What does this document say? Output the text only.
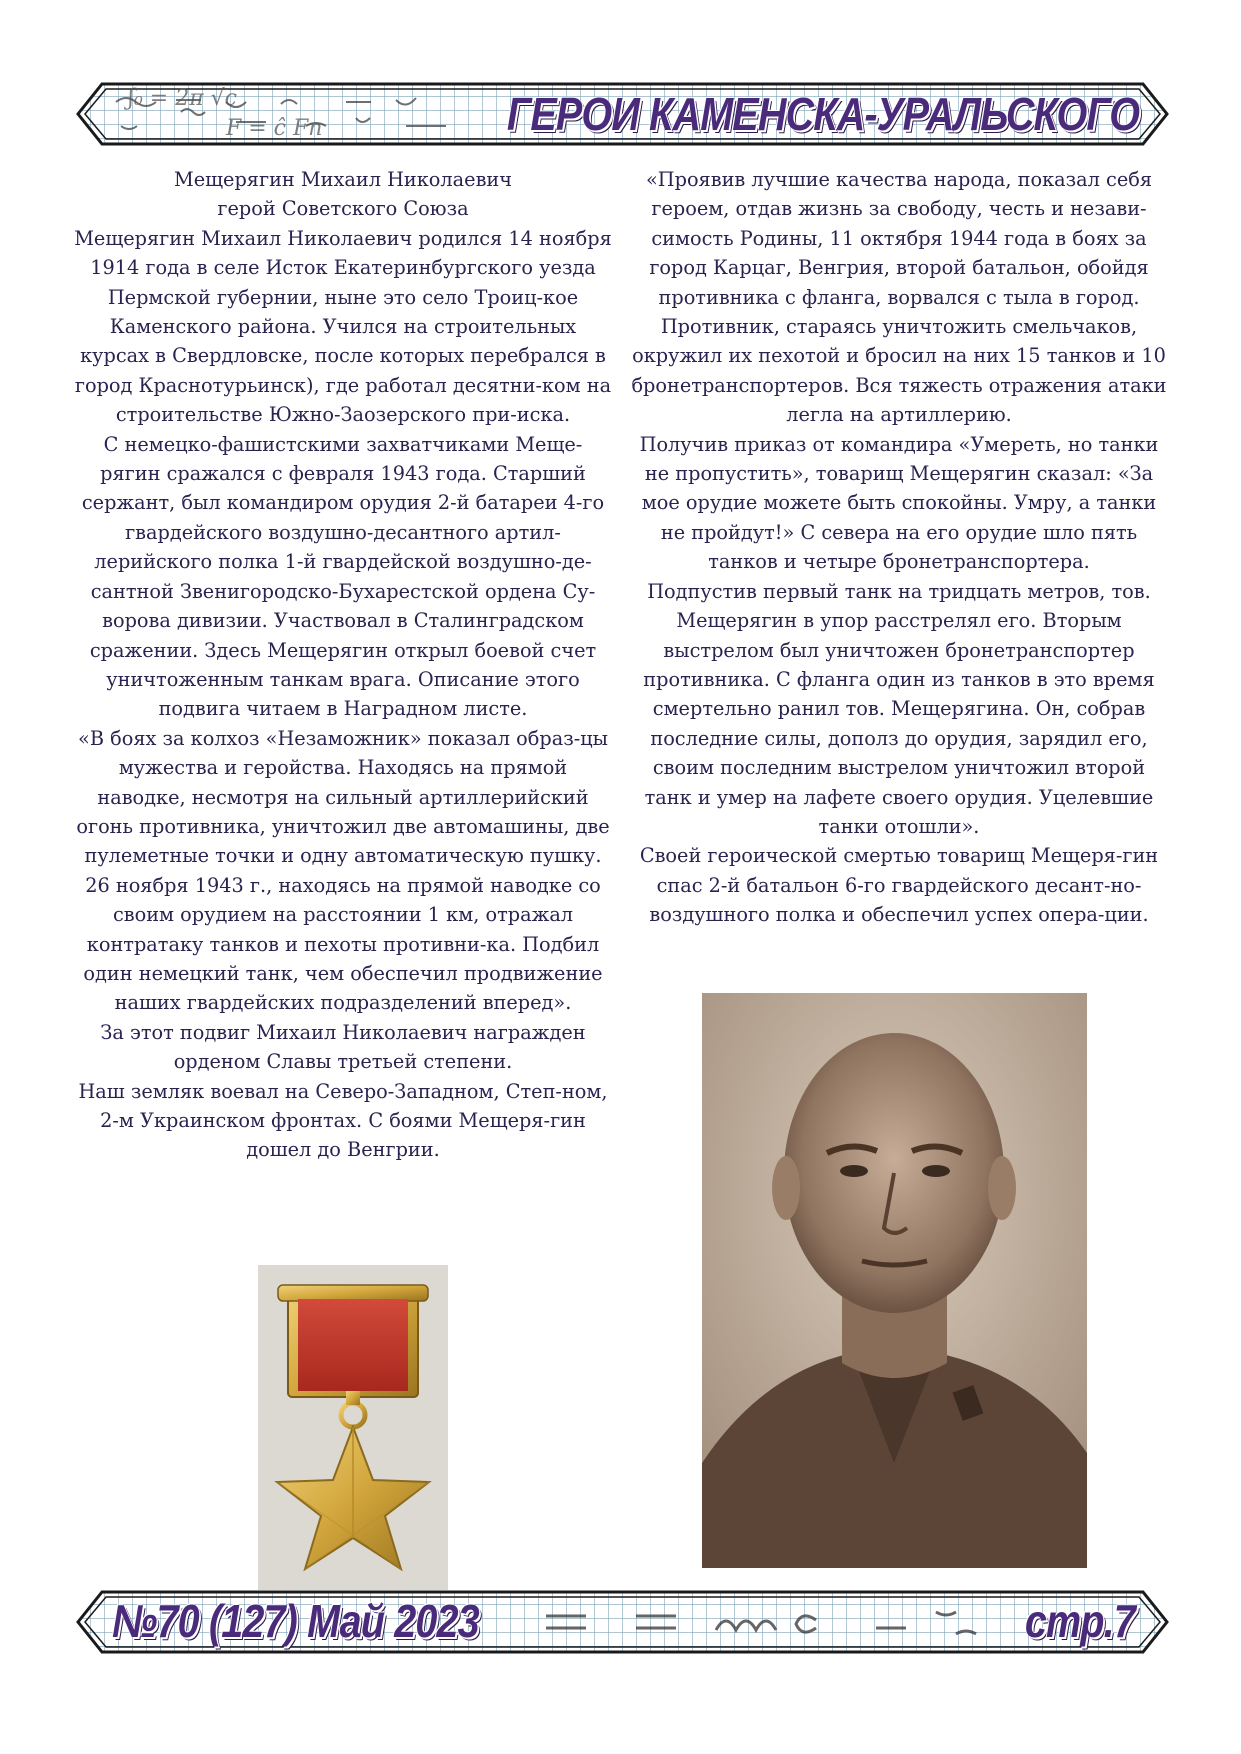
ʃ₀ = 2π √c
F = ĉ Fn	ГЕРОИ КАМЕНСКА-УРАЛЬСКОГО

Мещерягин Михаил Николаевич

герой Советского Союза

Мещерягин Михаил Николаевич родился 14 ноября 1914 года в селе Исток Екатеринбургского уезда Пермской губернии, ныне это село Троиц-кое Каменского района. Учился на строительных курсах в Свердловске, после которых перебрался в город Краснотурьинск), где работал десятни-ком на строительстве Южно-Заозерского при-иска.

С немецко-фашистскими захватчиками Меще-рягин сражался с февраля 1943 года. Старший сержант, был командиром орудия 2-й батареи 4-го гвардейского воздушно-десантного артил-лерийского полка 1-й гвардейской воздушно-де-сантной Звенигородско-Бухарестской ордена Су-ворова дивизии. Участвовал в Сталинградском сражении. Здесь Мещерягин открыл боевой счет уничтоженным танкам врага. Описание этого подвига читаем в Наградном листе.

«В боях за колхоз «Незаможник» показал образ-цы мужества и геройства. Находясь на прямой наводке, несмотря на сильный артиллерийский огонь противника, уничтожил две автомашины, две пулеметные точки и одну автоматическую пушку. 26 ноября 1943 г., находясь на прямой наводке со своим орудием на расстоянии 1 км, отражал контратаку танков и пехоты противни-ка. Подбил один немецкий танк, чем обеспечил продвижение наших гвардейских подразделений вперед».

За этот подвиг Михаил Николаевич награжден орденом Славы третьей степени.

Наш земляк воевал на Северо-Западном, Степ-ном, 2-м Украинском фронтах. С боями Мещеря-гин дошел до Венгрии.

«Проявив лучшие качества народа, показал себя героем, отдав жизнь за свободу, честь и незави-симость Родины, 11 октября 1944 года в боях за город Карцаг, Венгрия, второй батальон, обойдя противника с фланга, ворвался с тыла в город.

Противник, стараясь уничтожить смельчаков, окружил их пехотой и бросил на них 15 танков и 10 бронетранспортеров. Вся тяжесть отражения атаки легла на артиллерию.

Получив приказ от командира «Умереть, но танки не пропустить», товарищ Мещерягин сказал: «За мое орудие можете быть спокойны. Умру, а танки не пройдут!» С севера на его орудие шло пять танков и четыре бронетранспортера.

Подпустив первый танк на тридцать метров, тов. Мещерягин в упор расстрелял его. Вторым выстрелом был уничтожен бронетранспортер противника. С фланга один из танков в это время смертельно ранил тов. Мещерягина. Он, собрав последние силы, дополз до орудия, зарядил его, своим последним выстрелом уничтожил второй танк и умер на лафете своего орудия. Уцелевшие танки отошли».

Своей героической смертью товарищ Мещеря-гин спас 2-й батальон 6-го гвардейского десант-но-воздушного полка и обеспечил успех опера-ции.

№70 (127) Май 2023	стр.7
